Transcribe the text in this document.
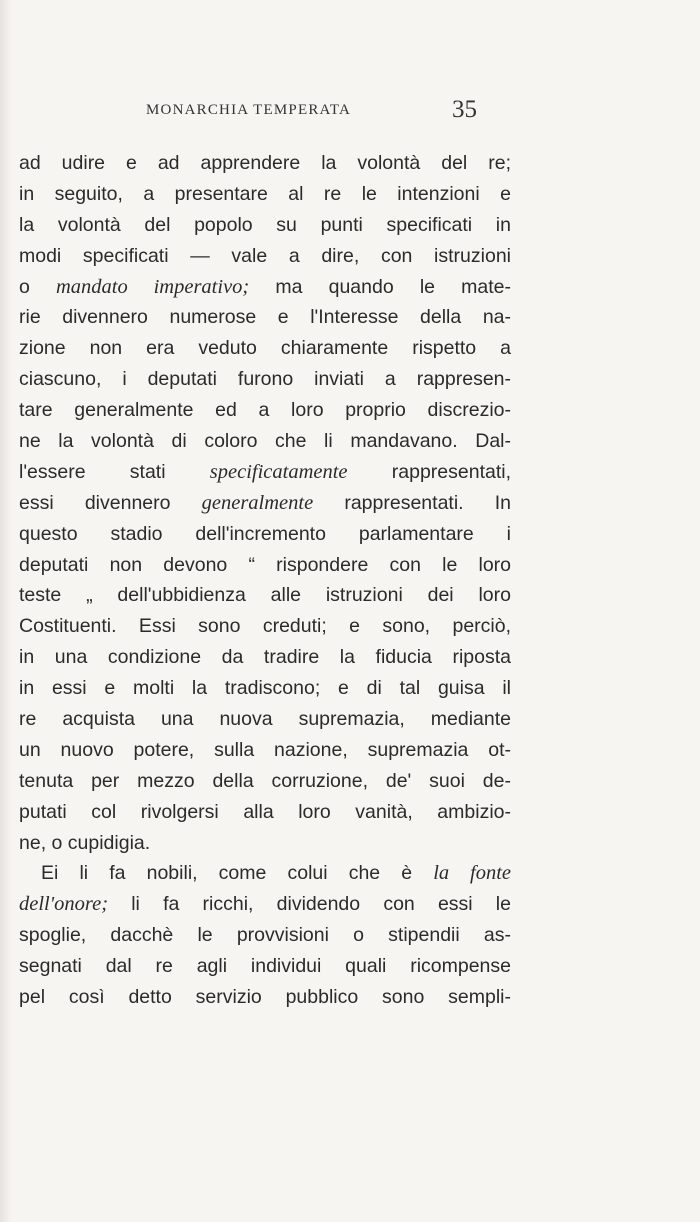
MONARCHIA TEMPERATA	35
ad udire e ad apprendere la volontà del re;
in seguito, a presentare al re le intenzioni e
la volontà del popolo su punti specificati in
modi specificati — vale a dire, con istruzioni
o mandato imperativo; ma quando le mate-
rie divennero numerose e l'Interesse della na-
zione non era veduto chiaramente rispetto a
ciascuno, i deputati furono inviati a rappresen-
tare generalmente ed a loro proprio discrezio-
ne la volontà di coloro che li mandavano. Dal-
l'essere stati specificatamente rappresentati,
essi divennero generalmente rappresentati. In
questo stadio dell'incremento parlamentare i
deputati non devono “ rispondere con le loro
teste „ dell'ubbidienza alle istruzioni dei loro
Costituenti. Essi sono creduti; e sono, perciò,
in una condizione da tradire la fiducia riposta
in essi e molti la tradiscono; e di tal guisa il
re acquista una nuova supremazia, mediante
un nuovo potere, sulla nazione, supremazia ot-
tenuta per mezzo della corruzione, de' suoi de-
putati col rivolgersi alla loro vanità, ambizio-
ne, o cupidigia.
Ei li fa nobili, come colui che è la fonte
dell'onore; li fa ricchi, dividendo con essi le
spoglie, dacchè le provvisioni o stipendii as-
segnati dal re agli individui quali ricompense
pel così detto servizio pubblico sono sempli-
